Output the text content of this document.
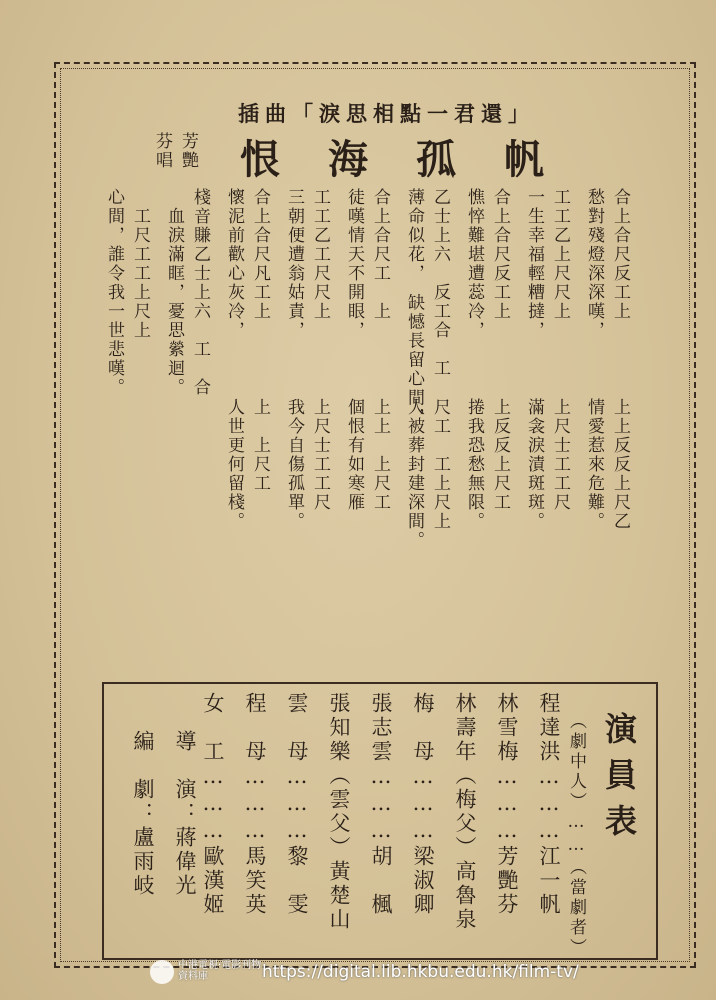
插曲「淚思相點一君還」
恨海孤帆
芳艷
芬唱
合上合尺反工上
上上反反上尺乙
愁對殘燈深深嘆，
情愛惹來危難。
工工乙上尺尺上
上尺士工工尺
一生幸福輕糟撻，
滿衾淚漬斑斑。
合上合尺反工上
上反反上尺工
憔悴難堪遭蕊冷，
捲我恐愁無限。
乙士上六　反工合　工
尺工　工上尺上
薄命似花，　缺憾長留心間，
人被葬封建深間。
合上合尺工　上
上上　上尺工
徒嘆情天不開眼，
個恨有如寒雁
工工乙工尺尺上
上尺士工工尺
三朝便遭翁姑責，
我今自傷孤單。
合上合尺凡工上
上　上尺工
懷泥前歡心灰冷，
人世更何留棧。
棧音賺乙士上六　工　合
　血淚滿眶，憂思縈迴。
　工尺工工上尺上
心間，誰令我一世悲嘆。
演員表
（劇中人）……（當劇者）
程達洪………江一帆
林雪梅………芳艷芬
林壽年（梅父）高魯泉
梅　母………梁淑卿
張志雲………胡　楓
張知樂（雲父）黃楚山
雲　母………黎　雯
程　母………馬笑英
女　工………歐漢姬
導　演：蔣偉光
編　劇：盧雨岐
中港電視·電影刊物資料庫	https://digital.lib.hkbu.edu.hk/film-tv/
